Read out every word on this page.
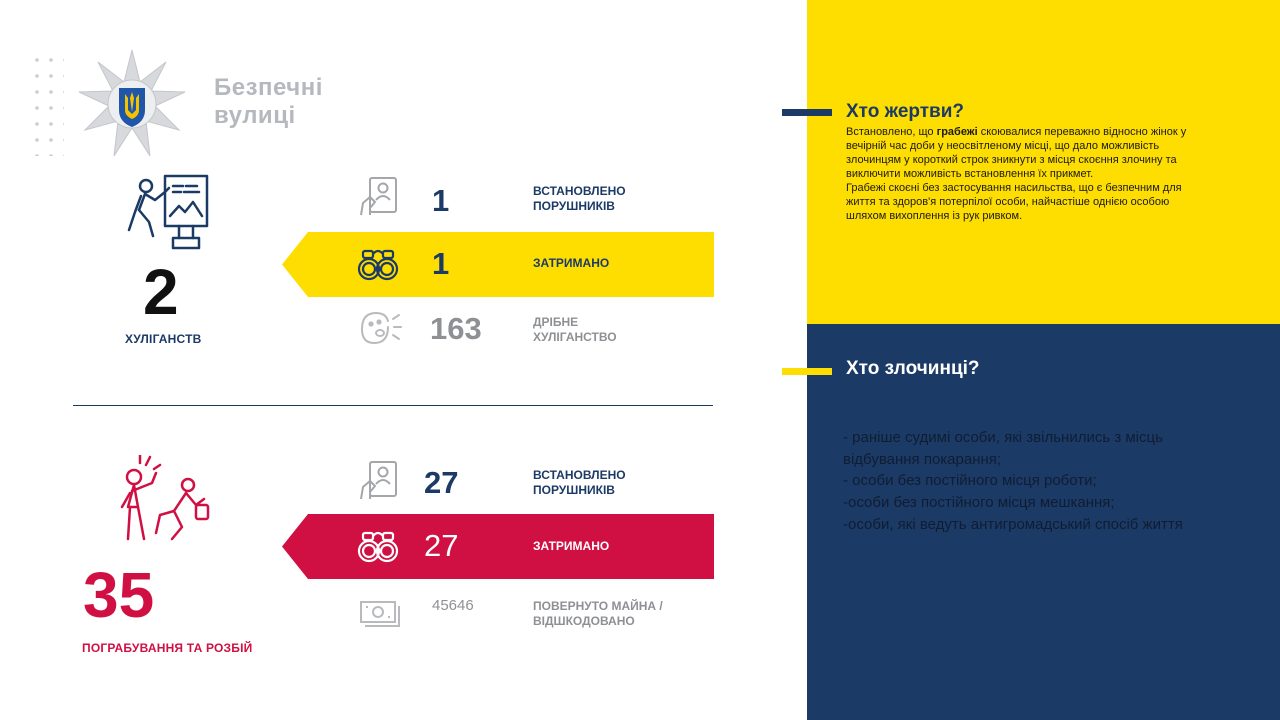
Безпечні
вулиці
2
ХУЛІГАНСТВ
1	ВСТАНОВЛЕНО
ПОРУШНИКІВ
1	ЗАТРИМАНО
163	ДРІБНЕ
ХУЛІГАНСТВО
35
ПОГРАБУВАННЯ ТА РОЗБІЙ
27	ВСТАНОВЛЕНО
ПОРУШНИКІВ
27	ЗАТРИМАНО
45646	ПОВЕРНУТО МАЙНА /
ВІДШКОДОВАНО
Хто жертви?
Встановлено, що грабежі скоювалися переважно відносно жінок у вечірній час доби у неосвітленому місці, що дало можливість злочинцям у короткий строк зникнути з місця скоєння злочину та виключити можливість встановлення їх прикмет.
Грабежі скоєні без застосування насильства, що є безпечним для життя та здоров'я потерпілої особи, найчастіше однією особою шляхом вихоплення із рук ривком.
Хто злочинці?
- раніше судимі особи, які звільнились з місць відбування покарання;
- особи без постійного місця роботи;
-особи без постійного місця мешкання;
-особи, які ведуть антигромадський спосіб життя
